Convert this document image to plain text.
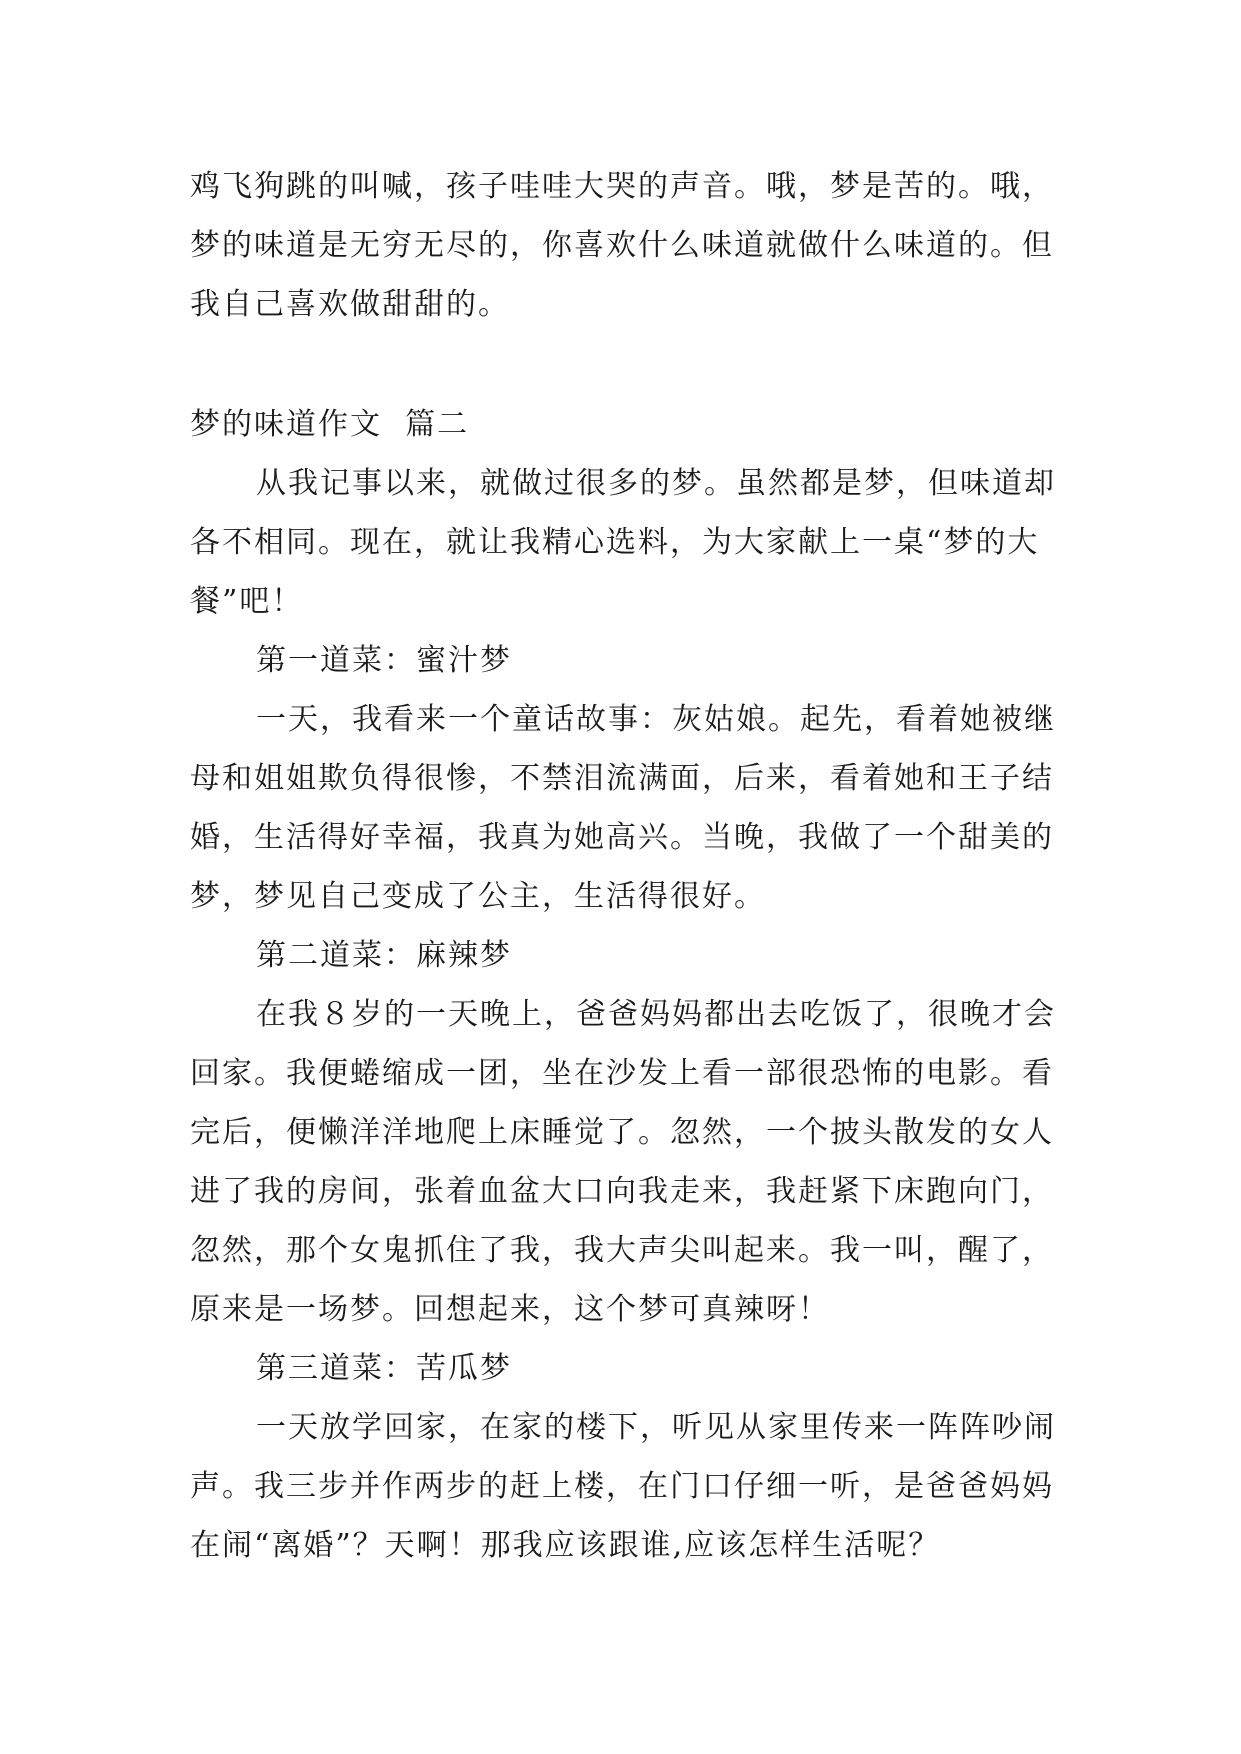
鸡飞狗跳的叫喊，孩子哇哇大哭的声音。哦，梦是苦的。哦，梦的味道是无穷无尽的，你喜欢什么味道就做什么味道的。但我自己喜欢做甜甜的。

梦的味道作文  篇二

从我记事以来，就做过很多的梦。虽然都是梦，但味道却各不相同。现在，就让我精心选料，为大家献上一桌“梦的大餐”吧！

第一道菜：蜜汁梦

一天，我看来一个童话故事：灰姑娘。起先，看着她被继母和姐姐欺负得很惨，不禁泪流满面，后来，看着她和王子结婚，生活得好幸福，我真为她高兴。当晚，我做了一个甜美的梦，梦见自己变成了公主，生活得很好。

第二道菜：麻辣梦

在我８岁的一天晚上，爸爸妈妈都出去吃饭了，很晚才会回家。我便蜷缩成一团，坐在沙发上看一部很恐怖的电影。看完后，便懒洋洋地爬上床睡觉了。忽然，一个披头散发的女人进了我的房间，张着血盆大口向我走来，我赶紧下床跑向门，忽然，那个女鬼抓住了我，我大声尖叫起来。我一叫，醒了，原来是一场梦。回想起来，这个梦可真辣呀！

第三道菜：苦瓜梦

一天放学回家，在家的楼下，听见从家里传来一阵阵吵闹声。我三步并作两步的赶上楼，在门口仔细一听，是爸爸妈妈在闹“离婚”？天啊！那我应该跟谁,应该怎样生活呢？
